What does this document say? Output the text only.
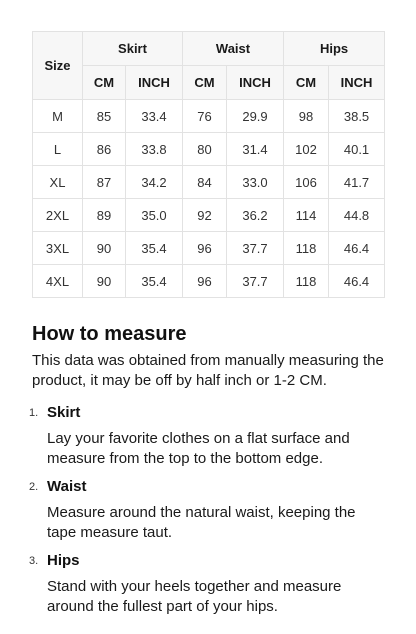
Size	Skirt		Waist		Hips	
	CM	INCH	CM	INCH	CM	INCH
M	85	33.4	76	29.9	98	38.5
L	86	33.8	80	31.4	102	40.1
XL	87	34.2	84	33.0	106	41.7
2XL	89	35.0	92	36.2	114	44.8
3XL	90	35.4	96	37.7	118	46.4
4XL	90	35.4	96	37.7	118	46.4
How to measure

This data was obtained from manually measuring the product, it may be off by half inch or 1-2 CM.

1. Skirt
Lay your favorite clothes on a flat surface and measure from the top to the bottom edge.
2. Waist
Measure around the natural waist, keeping the tape measure taut.
3. Hips
Stand with your heels together and measure around the fullest part of your hips.
